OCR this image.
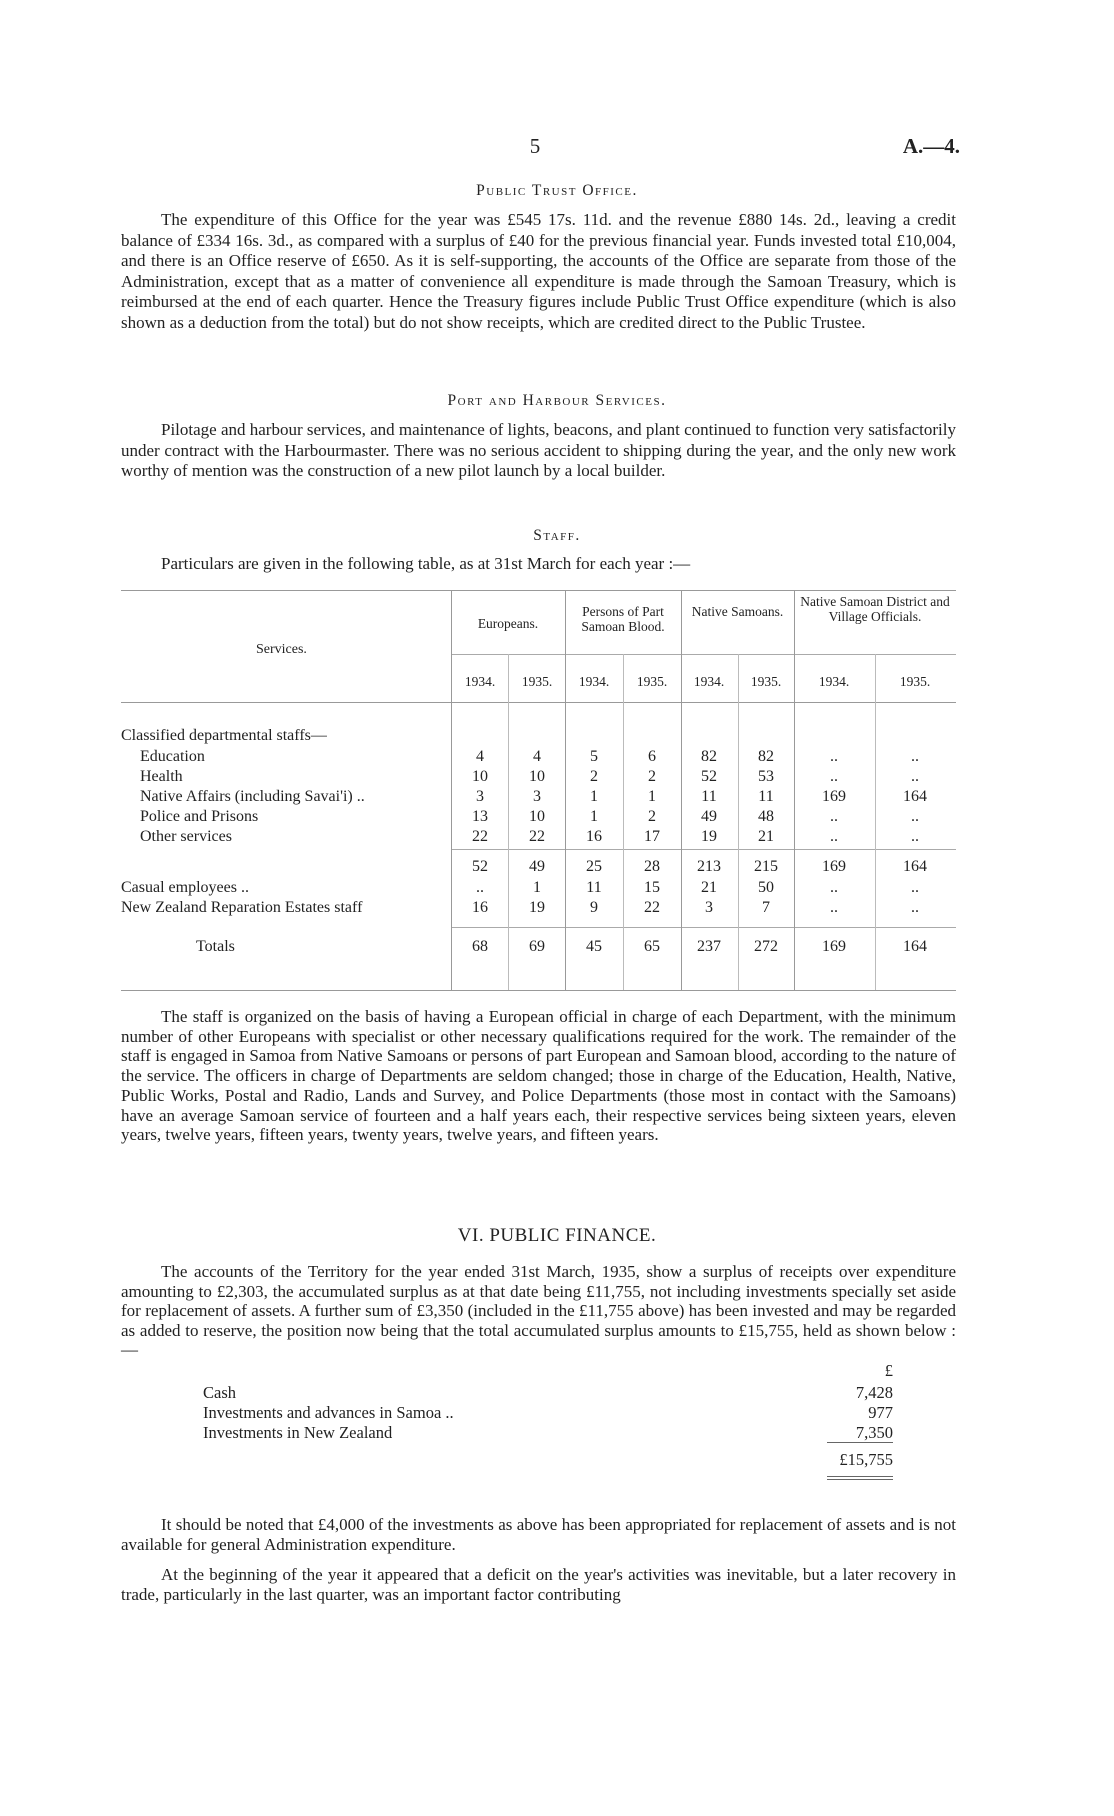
5	A.—4.
Public Trust Office.

The expenditure of this Office for the year was £545 17s. 11d. and the revenue £880 14s. 2d., leaving a credit balance of £334 16s. 3d., as compared with a surplus of £40 for the previous financial year. Funds invested total £10,004, and there is an Office reserve of £650. As it is self-supporting, the accounts of the Office are separate from those of the Administration, except that as a matter of convenience all expenditure is made through the Samoan Treasury, which is reimbursed at the end of each quarter. Hence the Treasury figures include Public Trust Office expenditure (which is also shown as a deduction from the total) but do not show receipts, which are credited direct to the Public Trustee.

Port and Harbour Services.

Pilotage and harbour services, and maintenance of lights, beacons, and plant continued to function very satisfactorily under contract with the Harbourmaster. There was no serious accident to shipping during the year, and the only new work worthy of mention was the construction of a new pilot launch by a local builder.

Staff.
Particulars are given in the following table, as at 31st March for each year :—
Services.
Europeans.
Persons of Part Samoan Blood.
Native Samoans.
Native Samoan District and Village Officials.
1934.	1935.	1934.	1935.	1934.	1935.	1934.	1935.
Classified departmental staffs—
Education	4	4	5	6	82	82	..	..
Health	10	10	2	2	52	53	..	..
Native Affairs (including Savai'i) ..	3	3	1	1	11	11	169	164
Police and Prisons	13	10	1	2	49	48	..	..
Other services	22	22	16	17	19	21	..	..
52	49	25	28	213	215	169	164
Casual employees ..	..	1	11	15	21	50	..	..
New Zealand Reparation Estates staff	16	19	9	22	3	7	..	..
Totals	68	69	45	65	237	272	169	164

The staff is organized on the basis of having a European official in charge of each Department, with the minimum number of other Europeans with specialist or other necessary qualifications required for the work. The remainder of the staff is engaged in Samoa from Native Samoans or persons of part European and Samoan blood, according to the nature of the service. The officers in charge of Departments are seldom changed; those in charge of the Education, Health, Native, Public Works, Postal and Radio, Lands and Survey, and Police Departments (those most in contact with the Samoans) have an average Samoan service of fourteen and a half years each, their respective services being sixteen years, eleven years, twelve years, fifteen years, twenty years, twelve years, and fifteen years.

VI. PUBLIC FINANCE.

The accounts of the Territory for the year ended 31st March, 1935, show a surplus of receipts over expenditure amounting to £2,303, the accumulated surplus as at that date being £11,755, not including investments specially set aside for replacement of assets. A further sum of £3,350 (included in the £11,755 above) has been invested and may be regarded as added to reserve, the position now being that the total accumulated surplus amounts to £15,755, held as shown below :—

£
Cash	7,428
Investments and advances in Samoa ..	977
Investments in New Zealand	7,350
£15,755

It should be noted that £4,000 of the investments as above has been appropriated for replacement of assets and is not available for general Administration expenditure.

At the beginning of the year it appeared that a deficit on the year's activities was inevitable, but a later recovery in trade, particularly in the last quarter, was an important factor contributing
